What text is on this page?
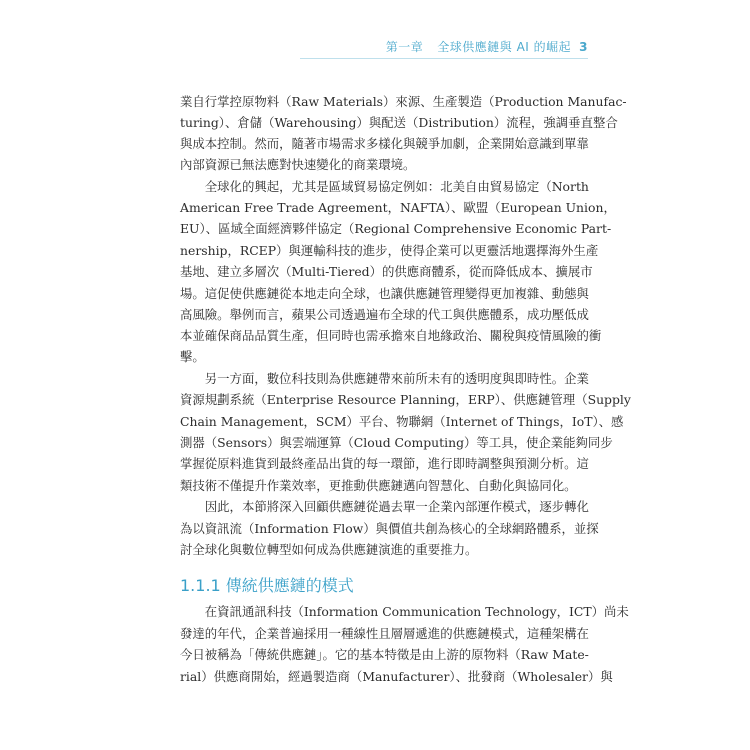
第一章 全球供應鏈與 AI 的崛起 3
業自行掌控原物料（Raw Materials）來源、生產製造（Production Manufac-
turing）、倉儲（Warehousing）與配送（Distribution）流程，強調垂直整合
與成本控制。然而，隨著市場需求多樣化與競爭加劇，企業開始意識到單靠
內部資源已無法應對快速變化的商業環境。
　　全球化的興起，尤其是區域貿易協定例如：北美自由貿易協定（North
American Free Trade Agreement，NAFTA）、歐盟（European Union，
EU）、區域全面經濟夥伴協定（Regional Comprehensive Economic Part-
nership，RCEP）與運輸科技的進步，使得企業可以更靈活地選擇海外生產
基地、建立多層次（Multi-Tiered）的供應商體系，從而降低成本、擴展市
場。這促使供應鏈從本地走向全球，也讓供應鏈管理變得更加複雜、動態與
高風險。舉例而言，蘋果公司透過遍布全球的代工與供應體系，成功壓低成
本並確保商品品質生產，但同時也需承擔來自地緣政治、關稅與疫情風險的衝
擊。
　　另一方面，數位科技則為供應鏈帶來前所未有的透明度與即時性。企業
資源規劃系統（Enterprise Resource Planning，ERP）、供應鏈管理（Supply
Chain Management，SCM）平台、物聯網（Internet of Things，IoT）、感
測器（Sensors）與雲端運算（Cloud Computing）等工具，使企業能夠同步
掌握從原料進貨到最終產品出貨的每一環節，進行即時調整與預測分析。這
類技術不僅提升作業效率，更推動供應鏈邁向智慧化、自動化與協同化。
　　因此，本節將深入回顧供應鏈從過去單一企業內部運作模式，逐步轉化
為以資訊流（Information Flow）與價值共創為核心的全球網路體系，並探
討全球化與數位轉型如何成為供應鏈演進的重要推力。
　　在資訊通訊科技（Information Communication Technology，ICT）尚未
發達的年代，企業普遍採用一種線性且層層遞進的供應鏈模式，這種架構在
今日被稱為「傳統供應鏈」。它的基本特徵是由上游的原物料（Raw Mate-
rial）供應商開始，經過製造商（Manufacturer）、批發商（Wholesaler）與
1.1.1 傳統供應鏈的模式
